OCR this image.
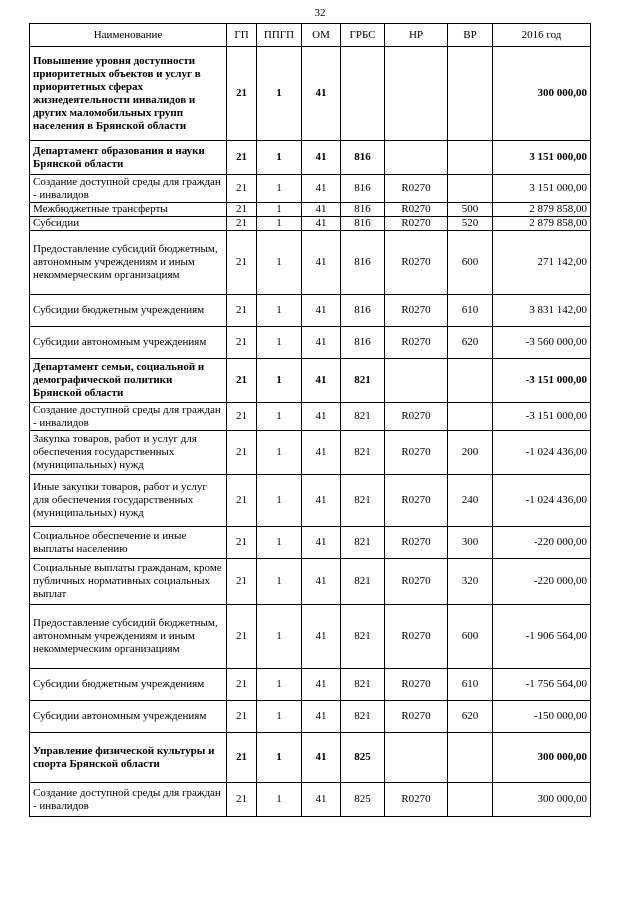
32
Наименование	ГП	ППГП	ОМ	ГРБС	НР	ВР	2016 год
Повышение уровня доступности приоритетных объектов и услуг в приоритетных сферах жизнедеятельности инвалидов и других маломобильных групп населения в Брянской области	21	1	41				300 000,00
Департамент образования и науки Брянской области	21	1	41	816			3 151 000,00
Создание доступной среды для граждан - инвалидов	21	1	41	816	R0270		3 151 000,00
Межбюджетные трансферты	21	1	41	816	R0270	500	2 879 858,00
Субсидии	21	1	41	816	R0270	520	2 879 858,00
Предоставление субсидий бюджетным, автономным учреждениям и иным некоммерческим организациям	21	1	41	816	R0270	600	271 142,00
Субсидии бюджетным учреждениям	21	1	41	816	R0270	610	3 831 142,00
Субсидии автономным учреждениям	21	1	41	816	R0270	620	-3 560 000,00
Департамент семьи, социальной и демографической политики Брянской области	21	1	41	821			-3 151 000,00
Создание доступной среды для граждан - инвалидов	21	1	41	821	R0270		-3 151 000,00
Закупка товаров, работ и услуг для обеспечения государственных (муниципальных) нужд	21	1	41	821	R0270	200	-1 024 436,00
Иные закупки товаров, работ и услуг для обеспечения государственных (муниципальных) нужд	21	1	41	821	R0270	240	-1 024 436,00
Социальное обеспечение и иные выплаты населению	21	1	41	821	R0270	300	-220 000,00
Социальные выплаты гражданам, кроме публичных нормативных социальных выплат	21	1	41	821	R0270	320	-220 000,00
Предоставление субсидий бюджетным, автономным учреждениям и иным некоммерческим организациям	21	1	41	821	R0270	600	-1 906 564,00
Субсидии бюджетным учреждениям	21	1	41	821	R0270	610	-1 756 564,00
Субсидии автономным учреждениям	21	1	41	821	R0270	620	-150 000,00
Управление физической культуры и спорта Брянской области	21	1	41	825			300 000,00
Создание доступной среды для граждан - инвалидов	21	1	41	825	R0270		300 000,00
